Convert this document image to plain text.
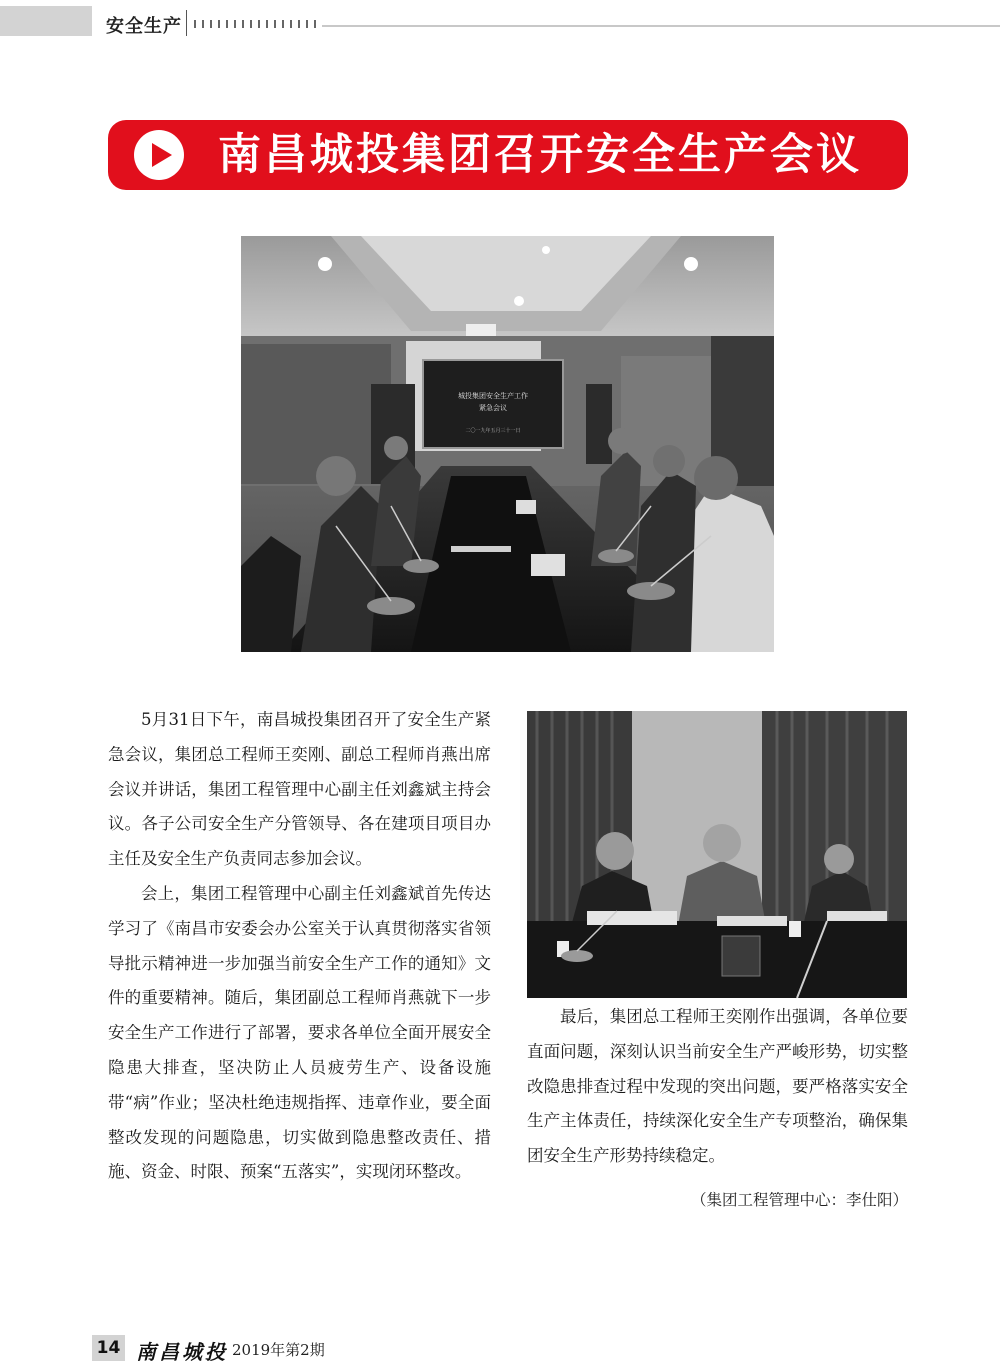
安全生产
南昌城投集团召开安全生产会议
城投集团安全生产工作
紧急会议
二〇一九年五月三十一日

5月31日下午，南昌城投集团召开了安全生产紧急会议，集团总工程师王奕刚、副总工程师肖燕出席会议并讲话，集团工程管理中心副主任刘鑫斌主持会议。各子公司安全生产分管领导、各在建项目项目办主任及安全生产负责同志参加会议。

会上，集团工程管理中心副主任刘鑫斌首先传达学习了《南昌市安委会办公室关于认真贯彻落实省领导批示精神进一步加强当前安全生产工作的通知》文件的重要精神。随后，集团副总工程师肖燕就下一步安全生产工作进行了部署，要求各单位全面开展安全隐患大排查，坚决防止人员疲劳生产、设备设施带“病”作业；坚决杜绝违规指挥、违章作业，要全面整改发现的问题隐患，切实做到隐患整改责任、措施、资金、时限、预案“五落实”，实现闭环整改。

最后，集团总工程师王奕刚作出强调，各单位要直面问题，深刻认识当前安全生产严峻形势，切实整改隐患排查过程中发现的突出问题，要严格落实安全生产主体责任，持续深化安全生产专项整治，确保集团安全生产形势持续稳定。

（集团工程管理中心：李仕阳）
14 南昌城投 2019年第2期
